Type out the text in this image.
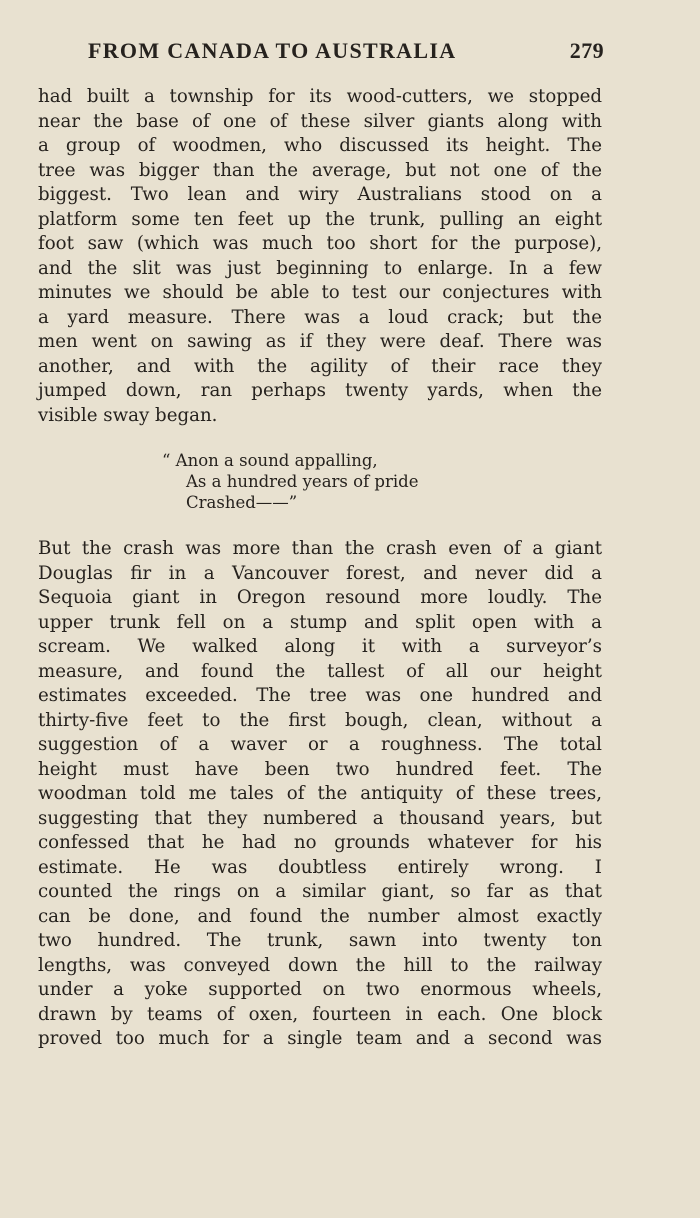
FROM CANADA TO AUSTRALIA	279

had built a township for its wood-cutters, we stopped
near the base of one of these silver giants along with
a group of woodmen, who discussed its height. The
tree was bigger than the average, but not one of the
biggest. Two lean and wiry Australians stood on a
platform some ten feet up the trunk, pulling an eight
foot saw (which was much too short for the purpose),
and the slit was just beginning to enlarge. In a few
minutes we should be able to test our conjectures with
a yard measure. There was a loud crack; but the
men went on sawing as if they were deaf. There was
another, and with the agility of their race they
jumped down, ran perhaps twenty yards, when the
visible sway began.

“ Anon a sound appalling,
As a hundred years of pride
Crashed——”

But the crash was more than the crash even of a giant
Douglas fir in a Vancouver forest, and never did a
Sequoia giant in Oregon resound more loudly. The
upper trunk fell on a stump and split open with a
scream. We walked along it with a surveyor’s
measure, and found the tallest of all our height
estimates exceeded. The tree was one hundred and
thirty-five feet to the first bough, clean, without a
suggestion of a waver or a roughness. The total
height must have been two hundred feet. The
woodman told me tales of the antiquity of these trees,
suggesting that they numbered a thousand years, but
confessed that he had no grounds whatever for his
estimate. He was doubtless entirely wrong. I
counted the rings on a similar giant, so far as that
can be done, and found the number almost exactly
two hundred. The trunk, sawn into twenty ton
lengths, was conveyed down the hill to the railway
under a yoke supported on two enormous wheels,
drawn by teams of oxen, fourteen in each. One block
proved too much for a single team and a second was
